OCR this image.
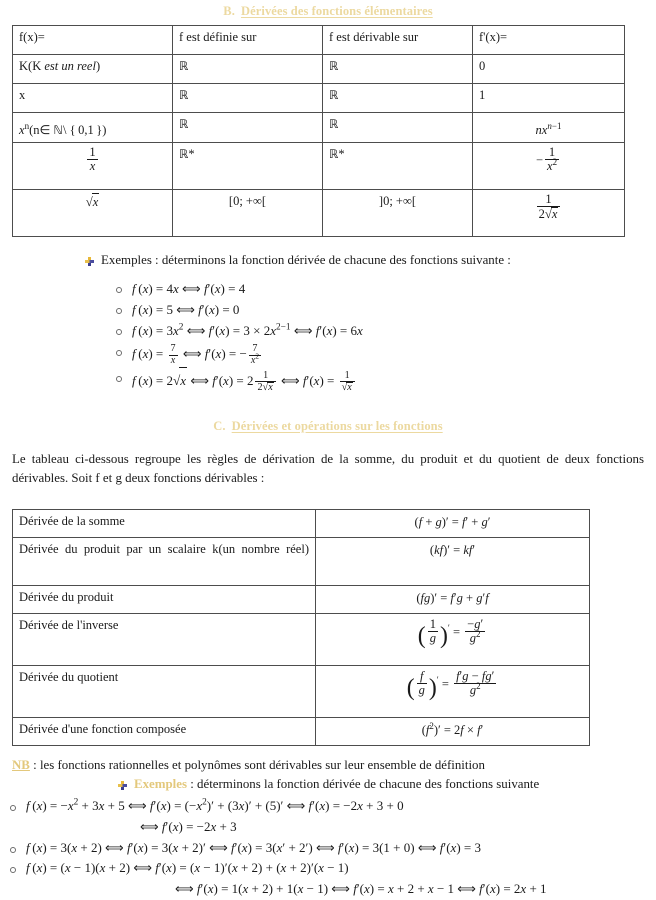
B. Dérivées des fonctions élémentaires
f(x)=	f est définie sur	f est dérivable sur	f'(x)=
K(K est un reel)	ℝ	ℝ	0
x	ℝ	ℝ	1
$x^n(n\in$ ℕ\ { 0,1 })	ℝ	ℝ	$nx^{n-1}$

$\frac{1}{x}$	ℝ*	ℝ*	− $\frac{1}{x^2}$

√x	[0; +∞[	]0; +∞[	$\frac{1}{2√x}$
Exemples : déterminons la fonction dérivée de chacune des fonctions suivante :
f (x) = 4x ⟺ f′(x) = 4
f (x) = 5 ⟺ f′(x) = 0
f $(x) = 3x^2$ ⟺ $f'(x) = 3 \times 2x^{2-1}$ ⟺ f′(x) = 6x
f $(x) = \frac{7}{x}$ ⟺ f′(x) = − $\frac{7}{x^2}$
f (x) = 2√x ⟺ $f'(x) = 2 \frac{1}{2√x}$ ⟺ $f'(x) = \frac{1}{√x}$
C. Dérivées et opérations sur les fonctions

Le tableau ci-dessous regroupe les règles de dérivation de la somme, du produit et du quotient de deux fonctions dérivables. Soit f et g deux fonctions dérivables :

Dérivée de la somme	(f + g)′ = f′ + g′
Dérivée du produit par un scalaire k(un nombre réel)	(kf)′ = kf′
Dérivée du produit	(fg)′ = f′g + g′f
Dérivée de l'inverse	( $\frac{1}{g} )' = \frac{-g'}{g^2}$

Dérivée du quotient	( $\frac{f}{g} )' = \frac{f'g - fg'}{g^2}$

Dérivée d'une fonction composée	$(f^2)' = 2f \times f'$
NB : les fonctions rationnelles et polynômes sont dérivables sur leur ensemble de définition
Exemples : déterminons la fonction dérivée de chacune des fonctions suivante
f $(x) = -x^2 + 3x + 5$ ⟺ $f'(x) = (-x^2)' + (3x)' + (5)'$ ⟺ f′(x) = −2x + 3 + 0
⟺ f′(x) = −2x + 3
f (x) = 3(x + 2) ⟺ f′(x) = 3(x + 2)′ ⟺ f′(x) = 3(x′ + 2′) ⟺ f′(x) = 3(1 + 0) ⟺ f′(x) = 3
f (x) = (x − 1)(x + 2) ⟺ f′(x) = (x − 1)′(x + 2) + (x + 2)′(x − 1)
⟺ f′(x) = 1(x + 2) + 1(x − 1) ⟺ f′(x) = x + 2 + x − 1 ⟺ f′(x) = 2x + 1
